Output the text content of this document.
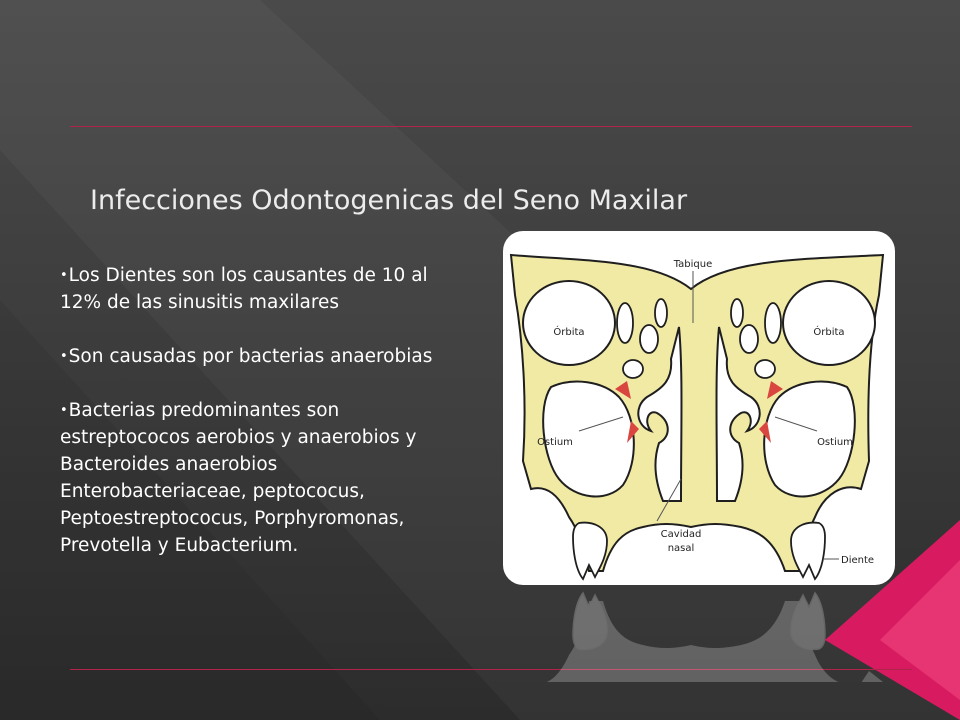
Infecciones Odontogenicas del Seno Maxilar
•Los Dientes son los causantes de 10 al 12% de las sinusitis maxilares
•Son causadas por bacterias anaerobias
•Bacterias predominantes son estreptococos aerobios y anaerobios y Bacteroides anaerobios Enterobacteriaceae, peptococus, Peptoestreptococus, Porphyromonas, Prevotella y Eubacterium.
Tabique
Órbita	Órbita
Ostium	Ostium
Cavidad
nasal
Diente
